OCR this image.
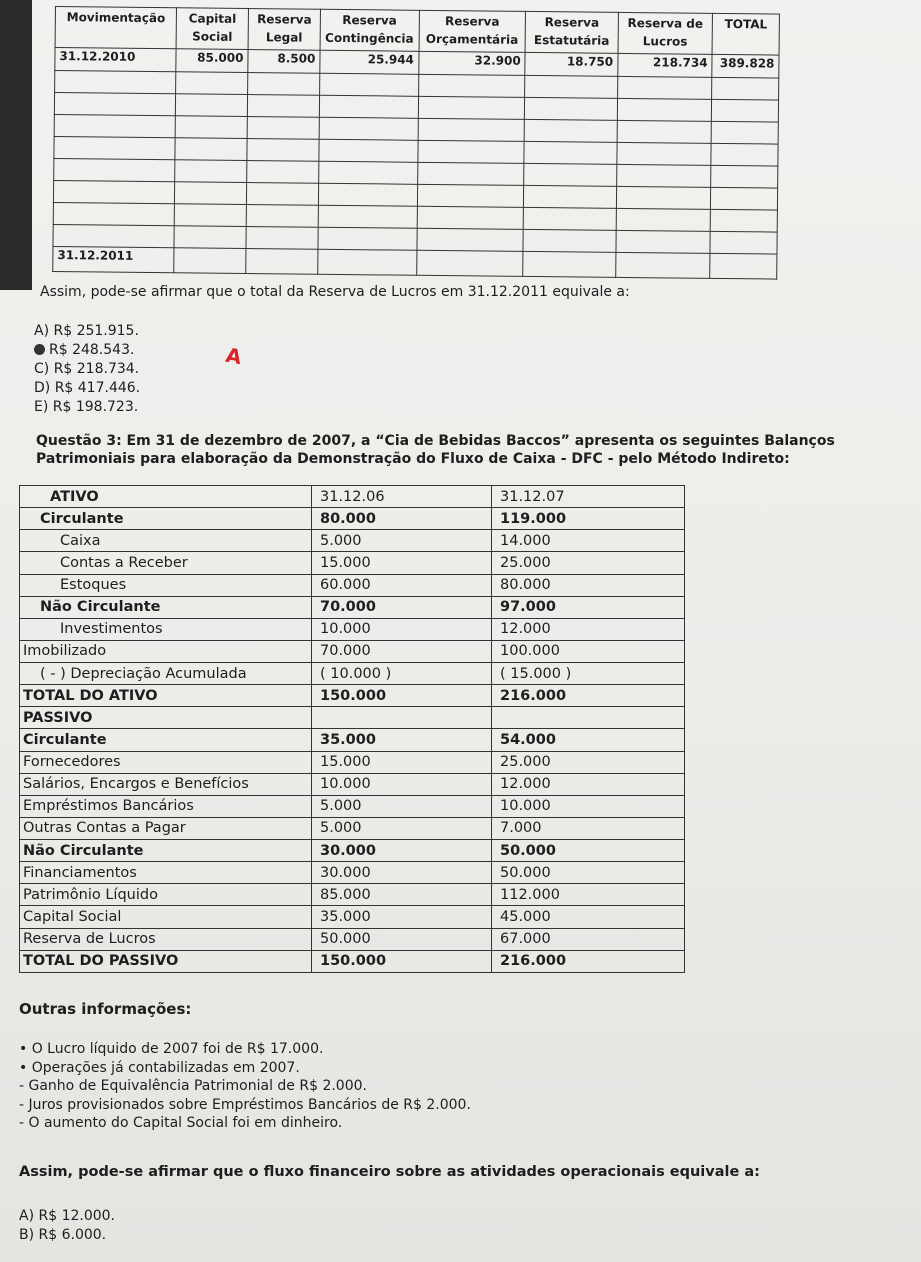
Movimentação	Capital Social	Reserva Legal	Reserva Contingência	Reserva Orçamentária	Reserva Estatutária	Reserva de Lucros	TOTAL
31.12.2010	85.000	8.500	25.944	32.900	18.750	218.734	389.828

31.12.2011							
Assim, pode-se afirmar que o total da Reserva de Lucros em 31.12.2011 equivale a:
A) R$ 251.915.
R$ 248.543.
C) R$ 218.734.
D) R$ 417.446.
E) R$ 198.723.
A
Questão 3: Em 31 de dezembro de 2007, a “Cia de Bebidas Baccos” apresenta os seguintes Balanços Patrimoniais para elaboração da Demonstração do Fluxo de Caixa - DFC - pelo Método Indireto:
ATIVO	31.12.06	31.12.07
Circulante	80.000	119.000
Caixa	5.000	14.000
Contas a Receber	15.000	25.000
Estoques	60.000	80.000
Não Circulante	70.000	97.000
Investimentos	10.000	12.000
Imobilizado	70.000	100.000
( - ) Depreciação Acumulada	( 10.000 )	( 15.000 )
TOTAL DO ATIVO	150.000	216.000
PASSIVO		
Circulante	35.000	54.000
Fornecedores	15.000	25.000
Salários, Encargos e Benefícios	10.000	12.000
Empréstimos Bancários	5.000	10.000
Outras Contas a Pagar	5.000	7.000
Não Circulante	30.000	50.000
Financiamentos	30.000	50.000
Patrimônio Líquido	85.000	112.000
Capital Social	35.000	45.000
Reserva de Lucros	50.000	67.000
TOTAL DO PASSIVO	150.000	216.000
Outras informações:
• O Lucro líquido de 2007 foi de R$ 17.000.
• Operações já contabilizadas em 2007.
- Ganho de Equivalência Patrimonial de R$ 2.000.
- Juros provisionados sobre Empréstimos Bancários de R$ 2.000.
- O aumento do Capital Social foi em dinheiro.
Assim, pode-se afirmar que o fluxo financeiro sobre as atividades operacionais equivale a:
A) R$ 12.000.
B) R$ 6.000.
